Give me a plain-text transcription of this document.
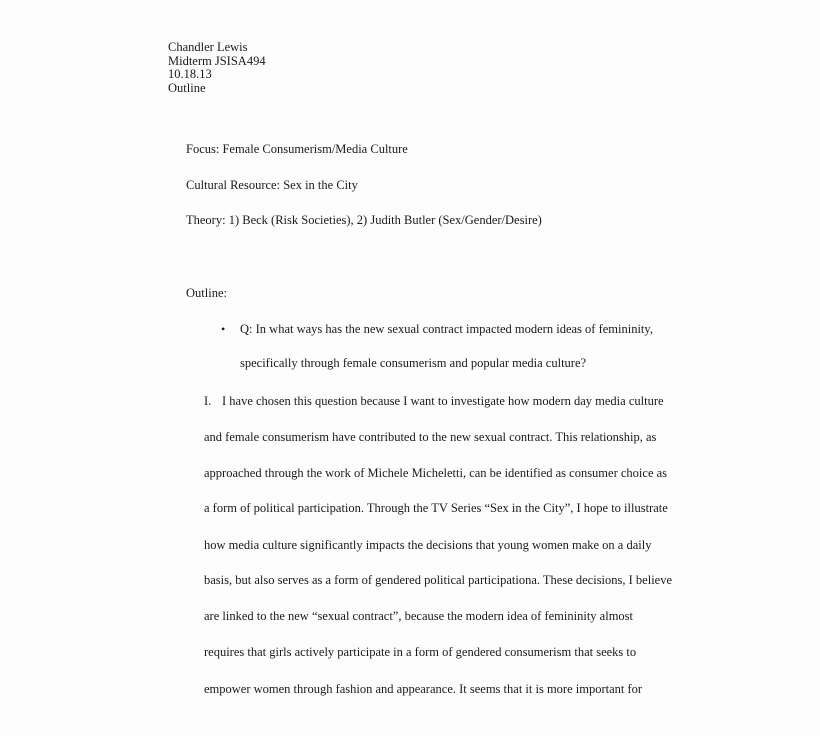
Chandler Lewis
Midterm JSISA494
10.18.13
Outline
Focus: Female Consumerism/Media Culture
Cultural Resource: Sex in the City
Theory: 1) Beck (Risk Societies), 2) Judith Butler (Sex/Gender/Desire)
Outline:
• Q: In what ways has the new sexual contract impacted modern ideas of femininity,
specifically through female consumerism and popular media culture?
I. I have chosen this question because I want to investigate how modern day media culture
and female consumerism have contributed to the new sexual contract. This relationship, as
approached through the work of Michele Micheletti, can be identified as consumer choice as
a form of political participation. Through the TV Series “Sex in the City”, I hope to illustrate
how media culture significantly impacts the decisions that young women make on a daily
basis, but also serves as a form of gendered political participationa. These decisions, I believe
are linked to the new “sexual contract”, because the modern idea of femininity almost
requires that girls actively participate in a form of gendered consumerism that seeks to
empower women through fashion and appearance. It seems that it is more important for
